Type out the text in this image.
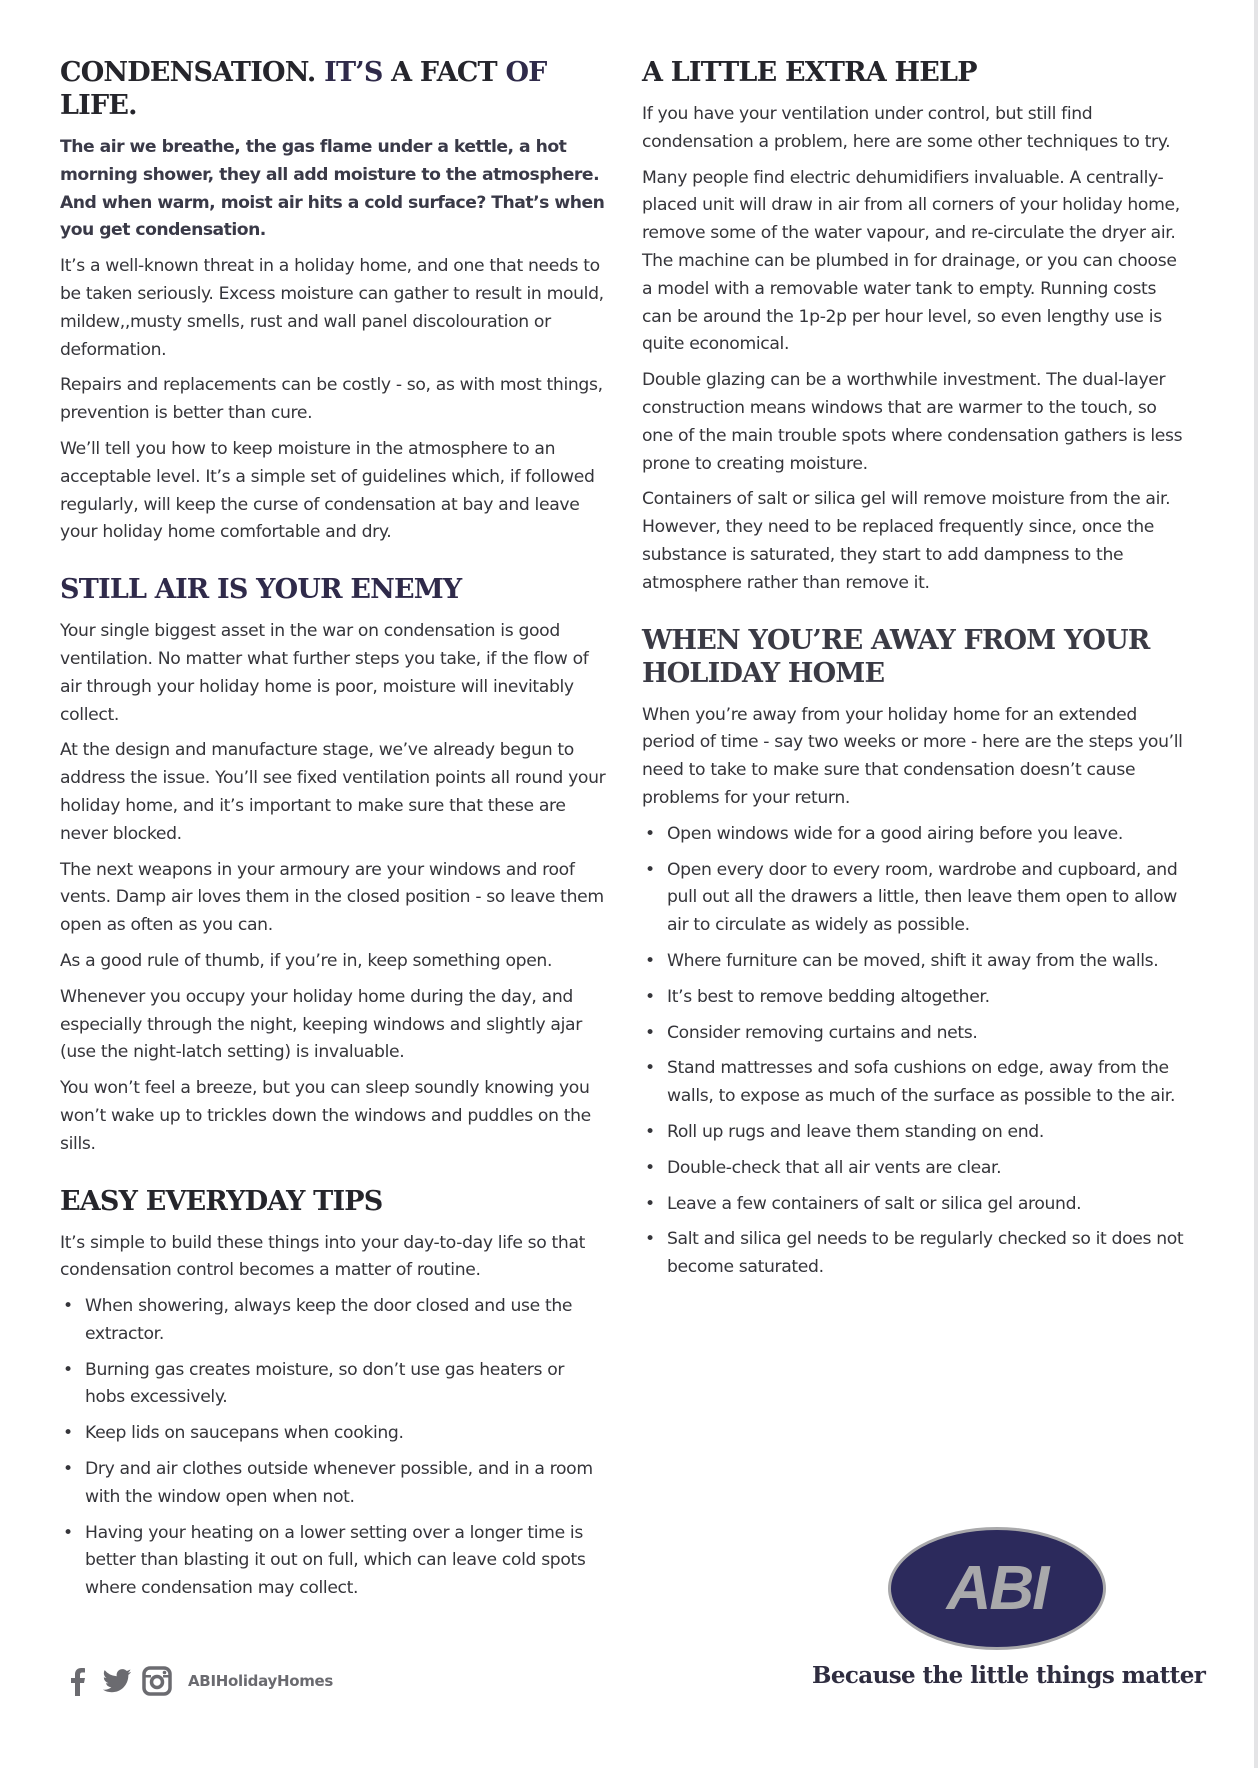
CONDENSATION. IT’S A FACT OF LIFE.

The air we breathe, the gas flame under a kettle, a hot morning shower, they all add moisture to the atmosphere. And when warm, moist air hits a cold surface? That’s when you get condensation.

It’s a well-known threat in a holiday home, and one that needs to be taken seriously. Excess moisture can gather to result in mould, mildew,,musty smells, rust and wall panel discolouration or deformation.

Repairs and replacements can be costly - so, as with most things, prevention is better than cure.

We’ll tell you how to keep moisture in the atmosphere to an acceptable level. It’s a simple set of guidelines which, if followed regularly, will keep the curse of condensation at bay and leave your holiday home comfortable and dry.

STILL AIR IS YOUR ENEMY

Your single biggest asset in the war on condensation is good ventilation. No matter what further steps you take, if the flow of air through your holiday home is poor, moisture will inevitably collect.

At the design and manufacture stage, we’ve already begun to address the issue. You’ll see fixed ventilation points all round your holiday home, and it’s important to make sure that these are never blocked.

The next weapons in your armoury are your windows and roof vents. Damp air loves them in the closed position - so leave them open as often as you can.

As a good rule of thumb, if you’re in, keep something open.

Whenever you occupy your holiday home during the day, and especially through the night, keeping windows and slightly ajar (use the night-latch setting) is invaluable.

You won’t feel a breeze, but you can sleep soundly knowing you won’t wake up to trickles down the windows and puddles on the sills.

EASY EVERYDAY TIPS

It’s simple to build these things into your day-to-day life so that condensation control becomes a matter of routine.

• When showering, always keep the door closed and use the extractor.
• Burning gas creates moisture, so don’t use gas heaters or hobs excessively.
• Keep lids on saucepans when cooking.
• Dry and air clothes outside whenever possible, and in a room with the window open when not.
• Having your heating on a lower setting over a longer time is better than blasting it out on full, which can leave cold spots where condensation may collect.
A LITTLE EXTRA HELP

If you have your ventilation under control, but still find condensation a problem, here are some other techniques to try.

Many people find electric dehumidifiers invaluable. A centrally-placed unit will draw in air from all corners of your holiday home, remove some of the water vapour, and re-circulate the dryer air. The machine can be plumbed in for drainage, or you can choose a model with a removable water tank to empty. Running costs can be around the 1p-2p per hour level, so even lengthy use is quite economical.

Double glazing can be a worthwhile investment. The dual-layer construction means windows that are warmer to the touch, so one of the main trouble spots where condensation gathers is less prone to creating moisture.

Containers of salt or silica gel will remove moisture from the air. However, they need to be replaced frequently since, once the substance is saturated, they start to add dampness to the atmosphere rather than remove it.

WHEN YOU’RE AWAY FROM YOUR HOLIDAY HOME

When you’re away from your holiday home for an extended period of time - say two weeks or more - here are the steps you’ll need to take to make sure that condensation doesn’t cause problems for your return.

• Open windows wide for a good airing before you leave.
• Open every door to every room, wardrobe and cupboard, and pull out all the drawers a little, then leave them open to allow air to circulate as widely as possible.
• Where furniture can be moved, shift it away from the walls.
• It’s best to remove bedding altogether.
• Consider removing curtains and nets.
• Stand mattresses and sofa cushions on edge, away from the walls, to expose as much of the surface as possible to the air.
• Roll up rugs and leave them standing on end.
• Double-check that all air vents are clear.
• Leave a few containers of salt or silica gel around.
• Salt and silica gel needs to be regularly checked so it does not become saturated.
ABIHolidayHomes
ABI
Because the little things matter
